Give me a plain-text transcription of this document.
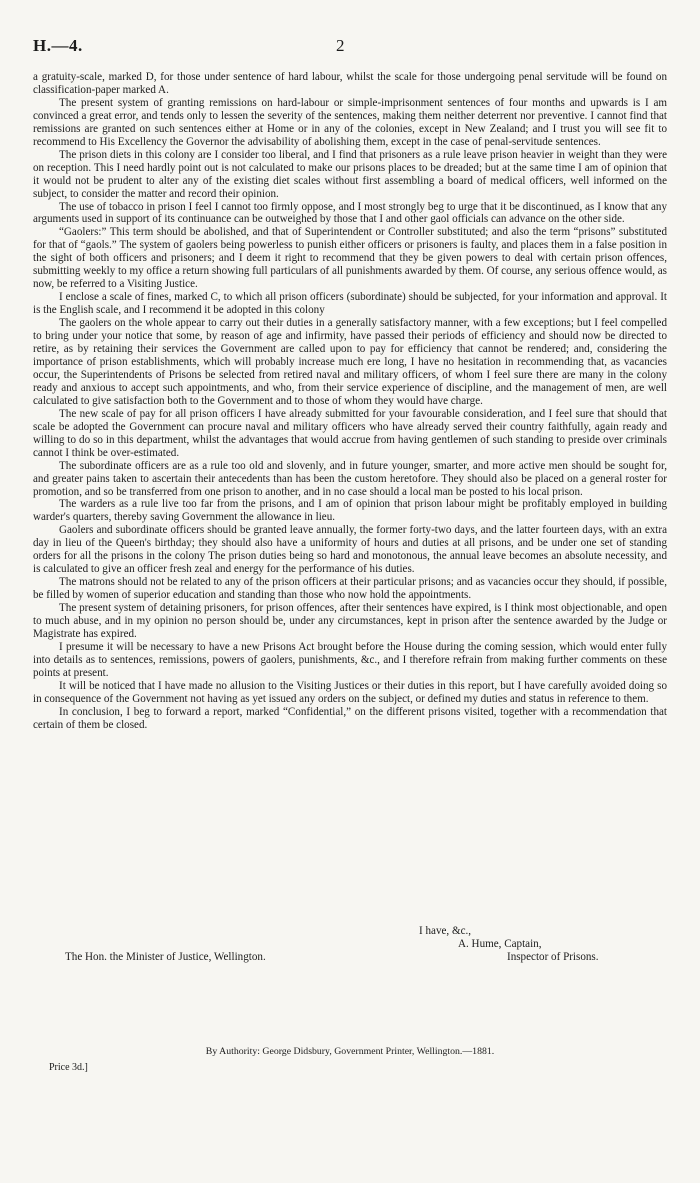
H.—4.	2

a gratuity-scale, marked D, for those under sentence of hard labour, whilst the scale for those undergoing penal servitude will be found on classification-paper marked A.

The present system of granting remissions on hard-labour or simple-imprisonment sentences of four months and upwards is I am convinced a great error, and tends only to lessen the severity of the sentences, making them neither deterrent nor preventive. I cannot find that remissions are granted on such sentences either at Home or in any of the colonies, except in New Zealand; and I trust you will see fit to recommend to His Excellency the Governor the advisability of abolishing them, except in the case of penal-servitude sentences.

The prison diets in this colony are I consider too liberal, and I find that prisoners as a rule leave prison heavier in weight than they were on reception. This I need hardly point out is not calculated to make our prisons places to be dreaded; but at the same time I am of opinion that it would not be prudent to alter any of the existing diet scales without first assembling a board of medical officers, well informed on the subject, to consider the matter and record their opinion.

The use of tobacco in prison I feel I cannot too firmly oppose, and I most strongly beg to urge that it be discontinued, as I know that any arguments used in support of its continuance can be outweighed by those that I and other gaol officials can advance on the other side.

“Gaolers:” This term should be abolished, and that of Superintendent or Controller substituted; and also the term “prisons” substituted for that of “gaols.” The system of gaolers being powerless to punish either officers or prisoners is faulty, and places them in a false position in the sight of both officers and prisoners; and I deem it right to recommend that they be given powers to deal with certain prison offences, submitting weekly to my office a return showing full particulars of all punishments awarded by them. Of course, any serious offence would, as now, be referred to a Visiting Justice.

I enclose a scale of fines, marked C, to which all prison officers (subordinate) should be subjected, for your information and approval. It is the English scale, and I recommend it be adopted in this colony

The gaolers on the whole appear to carry out their duties in a generally satisfactory manner, with a few exceptions; but I feel compelled to bring under your notice that some, by reason of age and infirmity, have passed their periods of efficiency and should now be directed to retire, as by retaining their services the Government are called upon to pay for efficiency that cannot be rendered; and, considering the importance of prison establishments, which will probably increase much ere long, I have no hesitation in recommending that, as vacancies occur, the Superintendents of Prisons be selected from retired naval and military officers, of whom I feel sure there are many in the colony ready and anxious to accept such appointments, and who, from their service experience of discipline, and the management of men, are well calculated to give satisfaction both to the Government and to those of whom they would have charge.

The new scale of pay for all prison officers I have already submitted for your favourable consideration, and I feel sure that should that scale be adopted the Government can procure naval and military officers who have already served their country faithfully, again ready and willing to do so in this department, whilst the advantages that would accrue from having gentlemen of such standing to preside over criminals cannot I think be over-estimated.

The subordinate officers are as a rule too old and slovenly, and in future younger, smarter, and more active men should be sought for, and greater pains taken to ascertain their antecedents than has been the custom heretofore. They should also be placed on a general roster for promotion, and so be transferred from one prison to another, and in no case should a local man be posted to his local prison.

The warders as a rule live too far from the prisons, and I am of opinion that prison labour might be profitably employed in building warder's quarters, thereby saving Government the allowance in lieu.

Gaolers and subordinate officers should be granted leave annually, the former forty-two days, and the latter fourteen days, with an extra day in lieu of the Queen's birthday; they should also have a uniformity of hours and duties at all prisons, and be under one set of standing orders for all the prisons in the colony The prison duties being so hard and monotonous, the annual leave becomes an absolute necessity, and is calculated to give an officer fresh zeal and energy for the performance of his duties.

The matrons should not be related to any of the prison officers at their particular prisons; and as vacancies occur they should, if possible, be filled by women of superior education and standing than those who now hold the appointments.

The present system of detaining prisoners, for prison offences, after their sentences have expired, is I think most objectionable, and open to much abuse, and in my opinion no person should be, under any circumstances, kept in prison after the sentence awarded by the Judge or Magistrate has expired.

I presume it will be necessary to have a new Prisons Act brought before the House during the coming session, which would enter fully into details as to sentences, remissions, powers of gaolers, punishments, &c., and I therefore refrain from making further comments on these points at present.

It will be noticed that I have made no allusion to the Visiting Justices or their duties in this report, but I have carefully avoided doing so in consequence of the Government not having as yet issued any orders on the subject, or defined my duties and status in reference to them.

In conclusion, I beg to forward a report, marked “Confidential,” on the different prisons visited, together with a recommendation that certain of them be closed.

I have, &c.,
A. Hume, Captain,
The Hon. the Minister of Justice, Wellington.	Inspector of Prisons.
By Authority: George Didsbury, Government Printer, Wellington.—1881.
Price 3d.]
